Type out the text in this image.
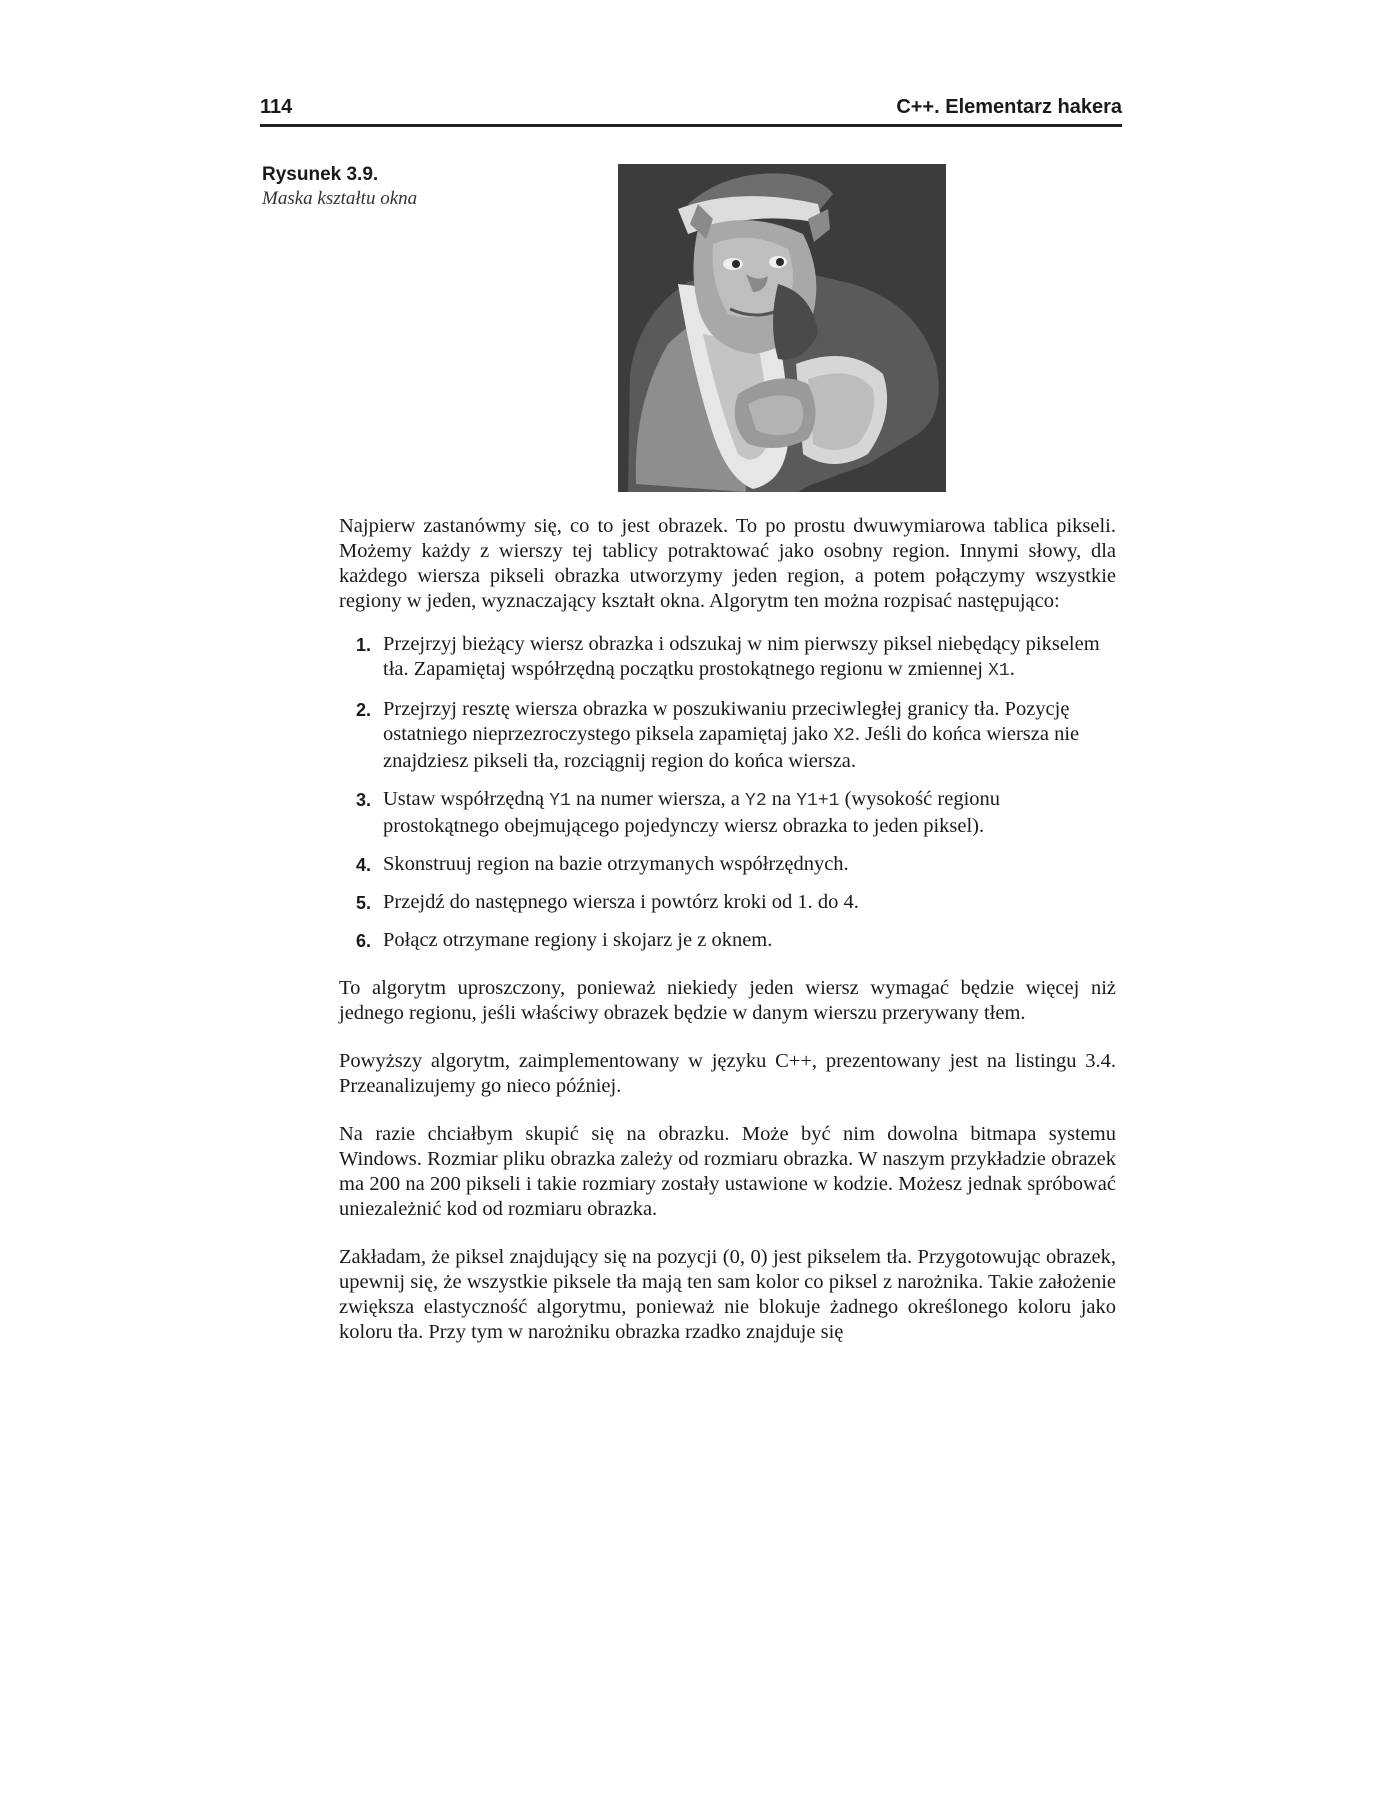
114	C++. Elementarz hakera
Rysunek 3.9.
Maska kształtu okna

Najpierw zastanówmy się, co to jest obrazek. To po prostu dwuwymiarowa tablica pikseli. Możemy każdy z wierszy tej tablicy potraktować jako osobny region. Innymi słowy, dla każdego wiersza pikseli obrazka utworzymy jeden region, a potem połączymy wszystkie regiony w jeden, wyznaczający kształt okna. Algorytm ten można rozpisać następująco:

1. Przejrzyj bieżący wiersz obrazka i odszukaj w nim pierwszy piksel niebędący pikselem tła. Zapamiętaj współrzędną początku prostokątnego regionu w zmiennej X1.
2. Przejrzyj resztę wiersza obrazka w poszukiwaniu przeciwległej granicy tła. Pozycję ostatniego nieprzezroczystego piksela zapamiętaj jako X2. Jeśli do końca wiersza nie znajdziesz pikseli tła, rozciągnij region do końca wiersza.
3. Ustaw współrzędną Y1 na numer wiersza, a Y2 na Y1+1 (wysokość regionu prostokątnego obejmującego pojedynczy wiersz obrazka to jeden piksel).
4. Skonstruuj region na bazie otrzymanych współrzędnych.
5. Przejdź do następnego wiersza i powtórz kroki od 1. do 4.
6. Połącz otrzymane regiony i skojarz je z oknem.

To algorytm uproszczony, ponieważ niekiedy jeden wiersz wymagać będzie więcej niż jednego regionu, jeśli właściwy obrazek będzie w danym wierszu przerywany tłem.

Powyższy algorytm, zaimplementowany w języku C++, prezentowany jest na listingu 3.4. Przeanalizujemy go nieco później.

Na razie chciałbym skupić się na obrazku. Może być nim dowolna bitmapa systemu Windows. Rozmiar pliku obrazka zależy od rozmiaru obrazka. W naszym przykładzie obrazek ma 200 na 200 pikseli i takie rozmiary zostały ustawione w kodzie. Możesz jednak spróbować uniezależnić kod od rozmiaru obrazka.

Zakładam, że piksel znajdujący się na pozycji (0, 0) jest pikselem tła. Przygotowując obrazek, upewnij się, że wszystkie piksele tła mają ten sam kolor co piksel z narożnika. Takie założenie zwiększa elastyczność algorytmu, ponieważ nie blokuje żadnego określonego koloru jako koloru tła. Przy tym w narożniku obrazka rzadko znajduje się
